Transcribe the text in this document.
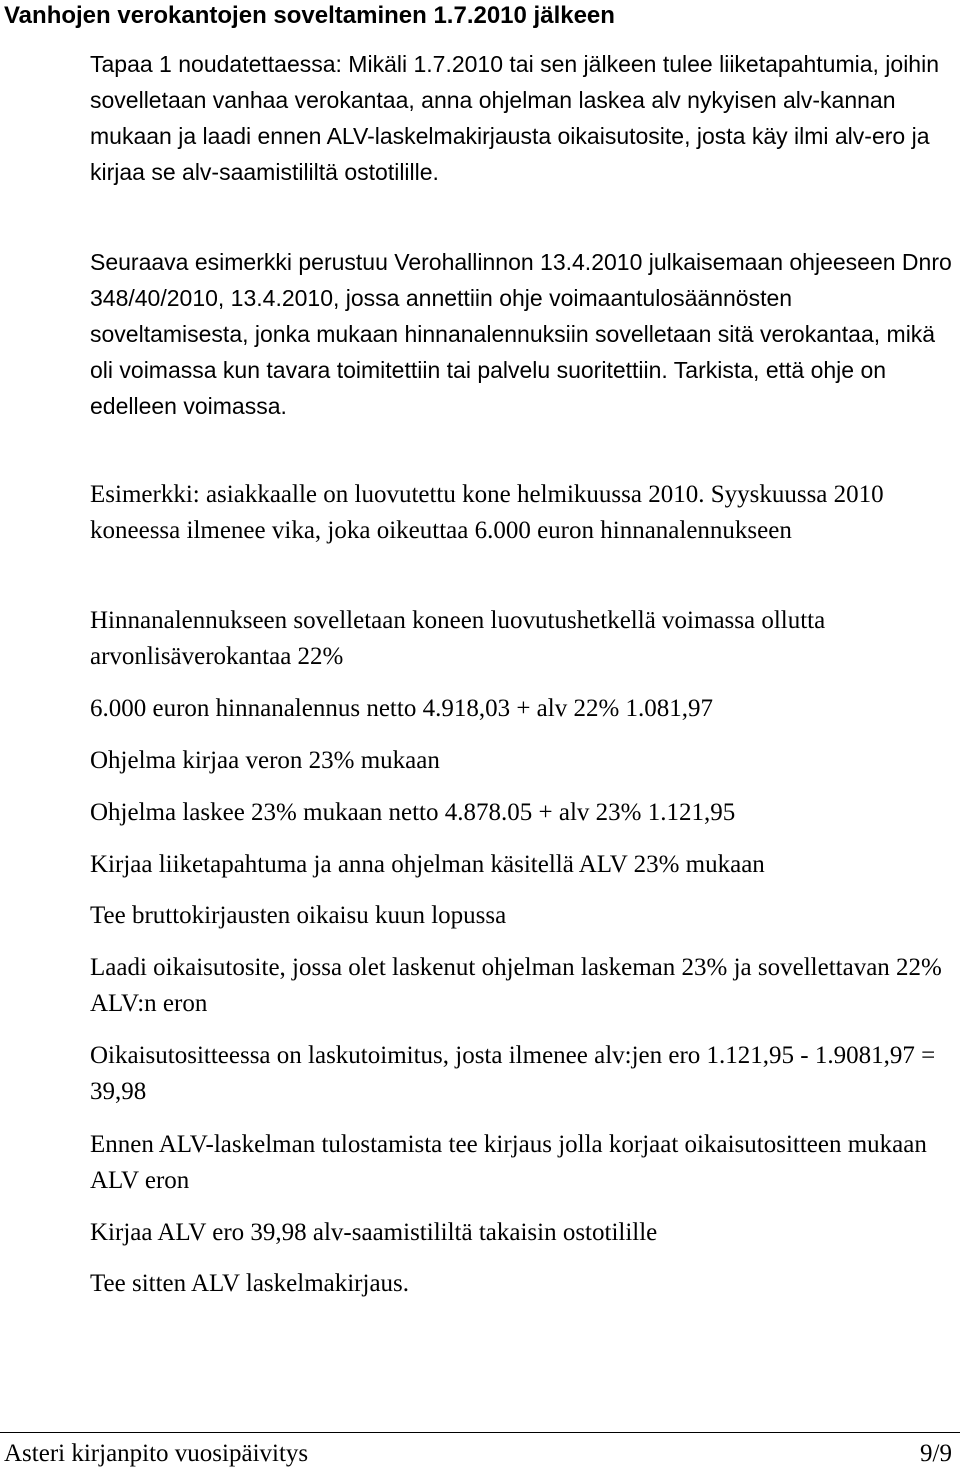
Vanhojen verokantojen soveltaminen 1.7.2010 jälkeen

Tapaa 1 noudatettaessa: Mikäli 1.7.2010 tai sen jälkeen tulee liiketapahtumia, joihin sovelletaan vanhaa verokantaa, anna ohjelman laskea alv nykyisen alv-kannan mukaan ja laadi ennen ALV-laskelmakirjausta oikaisutosite, josta käy ilmi alv-ero ja kirjaa se alv-saamistililtä ostotilille.

Seuraava esimerkki perustuu Verohallinnon 13.4.2010 julkaisemaan ohjeeseen Dnro 348/40/2010, 13.4.2010, jossa annettiin ohje voimaantulosäännösten soveltamisesta, jonka mukaan hinnanalennuksiin sovelletaan sitä verokantaa, mikä oli voimassa kun tavara toimitettiin tai palvelu suoritettiin. Tarkista, että ohje on edelleen voimassa.

Esimerkki: asiakkaalle on luovutettu kone helmikuussa 2010. Syyskuussa 2010 koneessa ilmenee vika, joka oikeuttaa 6.000 euron hinnanalennukseen

Hinnanalennukseen sovelletaan koneen luovutushetkellä voimassa ollutta arvonlisäverokantaa 22%

6.000 euron hinnanalennus netto 4.918,03 + alv 22% 1.081,97

Ohjelma kirjaa veron 23% mukaan

Ohjelma laskee 23% mukaan netto 4.878.05 + alv 23% 1.121,95

Kirjaa liiketapahtuma ja anna ohjelman käsitellä ALV 23% mukaan

Tee bruttokirjausten oikaisu kuun lopussa

Laadi oikaisutosite, jossa olet laskenut ohjelman laskeman 23% ja sovellettavan 22% ALV:n eron

Oikaisutositteessa on laskutoimitus, josta ilmenee alv:jen ero 1.121,95 - 1.9081,97 = 39,98

Ennen ALV-laskelman tulostamista tee kirjaus jolla korjaat oikaisutositteen mukaan ALV eron

Kirjaa ALV ero 39,98 alv-saamistililtä takaisin ostotilille

Tee sitten ALV laskelmakirjaus.

Asteri kirjanpito vuosipäivitys	9/9
